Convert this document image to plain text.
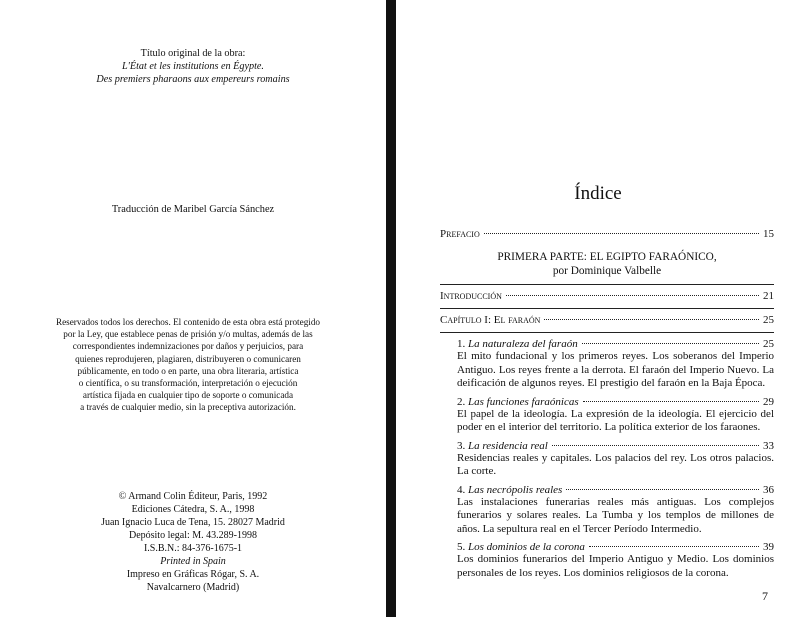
Título original de la obra:
L'État et les institutions en Égypte.
Des premiers pharaons aux empereurs romains
Traducción de Maribel García Sánchez
Reservados todos los derechos. El contenido de esta obra está protegido
por la Ley, que establece penas de prisión y/o multas, además de las
correspondientes indemnizaciones por daños y perjuicios, para
quienes reprodujeren, plagiaren, distribuyeren o comunicaren
públicamente, en todo o en parte, una obra literaria, artística
o científica, o su transformación, interpretación o ejecución
artística fijada en cualquier tipo de soporte o comunicada
a través de cualquier medio, sin la preceptiva autorización.
© Armand Colin Éditeur, Paris, 1992
Ediciones Cátedra, S. A., 1998
Juan Ignacio Luca de Tena, 15. 28027 Madrid
Depósito legal: M. 43.289-1998
I.S.B.N.: 84-376-1675-1
Printed in Spain
Impreso en Gráficas Rógar, S. A.
Navalcarnero (Madrid)
Índice
Prefacio	15
PRIMERA PARTE: EL EGIPTO FARAÓNICO,
por Dominique Valbelle
Introducción	21
Capítulo I: El faraón	25
1. La naturaleza del faraón	25
El mito fundacional y los primeros reyes. Los soberanos del Imperio Antiguo. Los reyes frente a la derrota. El faraón del Imperio Nuevo. La deificación de algunos reyes. El prestigio del faraón en la Baja Época.
2. Las funciones faraónicas	29
El papel de la ideología. La expresión de la ideología. El ejercicio del poder en el interior del territorio. La política exterior de los faraones.
3. La residencia real	33
Residencias reales y capitales. Los palacios del rey. Los otros palacios. La corte.
4. Las necrópolis reales	36
Las instalaciones funerarias reales más antiguas. Los complejos funerarios y solares reales. La Tumba y los templos de millones de años. La sepultura real en el Tercer Período Intermedio.
5. Los dominios de la corona	39
Los dominios funerarios del Imperio Antiguo y Medio. Los dominios personales de los reyes. Los dominios religiosos de la corona.
7
